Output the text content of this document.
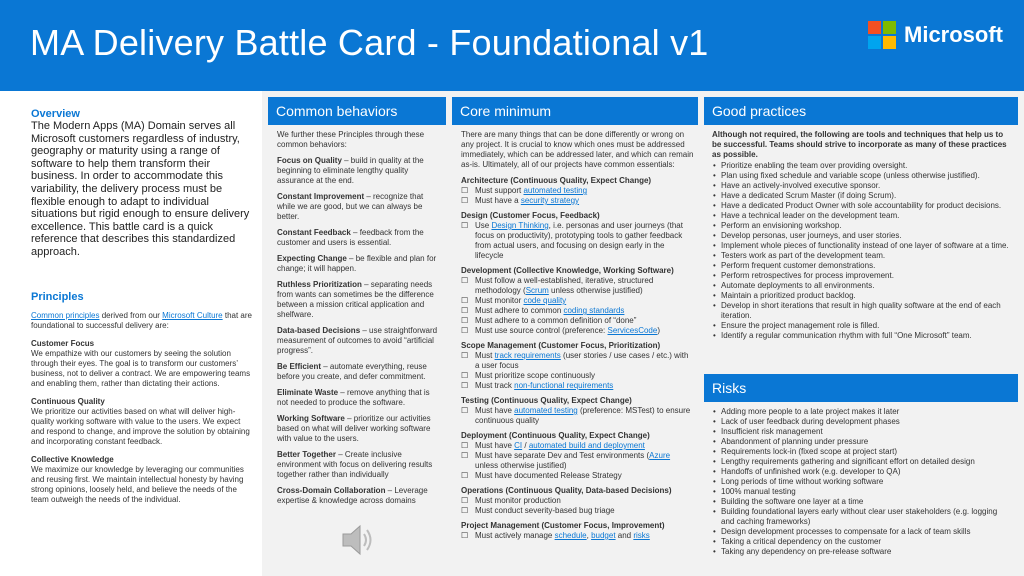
MA Delivery Battle Card - Foundational v1	Microsoft
Overview
The Modern Apps (MA) Domain serves all Microsoft customers regardless of industry, geography or maturity using a range of software to help them transform their business. In order to accommodate this variability, the delivery process must be flexible enough to adapt to individual situations but rigid enough to ensure delivery excellence. This battle card is a quick reference that describes this standardized approach.
Principles
Common principles derived from our Microsoft Culture that are foundational to successful delivery are:
Customer Focus
We empathize with our customers by seeing the solution through their eyes. The goal is to transform our customers’ business, not to deliver a contract. We are empowering teams and enabling them, rather than dictating their actions.
Continuous Quality
We prioritize our activities based on what will deliver high-quality working software with value to the users. We expect and respond to change, and improve the solution by obtaining and incorporating constant feedback.
Collective Knowledge
We maximize our knowledge by leveraging our communities and reusing first. We maintain intellectual honesty by having strong opinions, loosely held, and believe the needs of the team outweigh the needs of the individual.
Common behaviors
We further these Principles through these common behaviors:
Focus on Quality – build in quality at the beginning to eliminate lengthy quality assurance at the end.
Constant Improvement – recognize that while we are good, but we can always be better.
Constant Feedback – feedback from the customer and users is essential.
Expecting Change – be flexible and plan for change; it will happen.
Ruthless Prioritization – separating needs from wants can sometimes be the difference between a mission critical application and shelfware.
Data-based Decisions – use straightforward measurement of outcomes to avoid “artificial progress”.
Be Efficient – automate everything, reuse before you create, and defer commitment.
Eliminate Waste – remove anything that is not needed to produce the software.
Working Software – prioritize our activities based on what will deliver working software with value to the users.
Better Together – Create inclusive environment with focus on delivering results together rather than individually
Cross-Domain Collaboration – Leverage expertise & knowledge across domains
Core minimum
There are many things that can be done differently or wrong on any project. It is crucial to know which ones must be addressed immediately, which can be addressed later, and which can remain as-is. Ultimately, all of our projects have common essentials:
Architecture (Continuous Quality, Expect Change)
☐ Must support automated testing
☐ Must have a security strategy
Design (Customer Focus, Feedback)
☐ Use Design Thinking, i.e. personas and user journeys (that focus on productivity), prototyping tools to gather feedback from actual users, and focusing on design early in the lifecycle
Development (Collective Knowledge, Working Software)
☐ Must follow a well-established, iterative, structured methodology (Scrum unless otherwise justified)
☐ Must monitor code quality
☐ Must adhere to common coding standards
☐ Must adhere to a common definition of “done”
☐ Must use source control (preference: ServicesCode)
Scope Management (Customer Focus, Prioritization)
☐ Must track requirements (user stories / use cases / etc.) with a user focus
☐ Must prioritize scope continuously
☐ Must track non-functional requirements
Testing (Continuous Quality, Expect Change)
☐ Must have automated testing (preference: MSTest) to ensure continuous quality
Deployment (Continuous Quality, Expect Change)
☐ Must have CI / automated build and deployment
☐ Must have separate Dev and Test environments (Azure unless otherwise justified)
☐ Must have documented Release Strategy
Operations (Continuous Quality, Data-based Decisions)
☐ Must monitor production
☐ Must conduct severity-based bug triage
Project Management (Customer Focus, Improvement)
☐ Must actively manage schedule, budget and risks
Good practices
Although not required, the following are tools and techniques that help us to be successful. Teams should strive to incorporate as many of these practices as possible.
• Prioritize enabling the team over providing oversight.
• Plan using fixed schedule and variable scope (unless otherwise justified).
• Have an actively-involved executive sponsor.
• Have a dedicated Scrum Master (if doing Scrum).
• Have a dedicated Product Owner with sole accountability for product decisions.
• Have a technical leader on the development team.
• Perform an envisioning workshop.
• Develop personas, user journeys, and user stories.
• Implement whole pieces of functionality instead of one layer of software at a time.
• Testers work as part of the development team.
• Perform frequent customer demonstrations.
• Perform retrospectives for process improvement.
• Automate deployments to all environments.
• Maintain a prioritized product backlog.
• Develop in short iterations that result in high quality software at the end of each iteration.
• Ensure the project management role is filled.
• Identify a regular communication rhythm with full “One Microsoft” team.
Risks
• Adding more people to a late project makes it later
• Lack of user feedback during development phases
• Insufficient risk management
• Abandonment of planning under pressure
• Requirements lock-in (fixed scope at project start)
• Lengthy requirements gathering and significant effort on detailed design
• Handoffs of unfinished work (e.g. developer to QA)
• Long periods of time without working software
• 100% manual testing
• Building the software one layer at a time
• Building foundational layers early without clear user stakeholders (e.g. logging and caching frameworks)
• Design development processes to compensate for a lack of team skills
• Taking a critical dependency on the customer
• Taking any dependency on pre-release software
